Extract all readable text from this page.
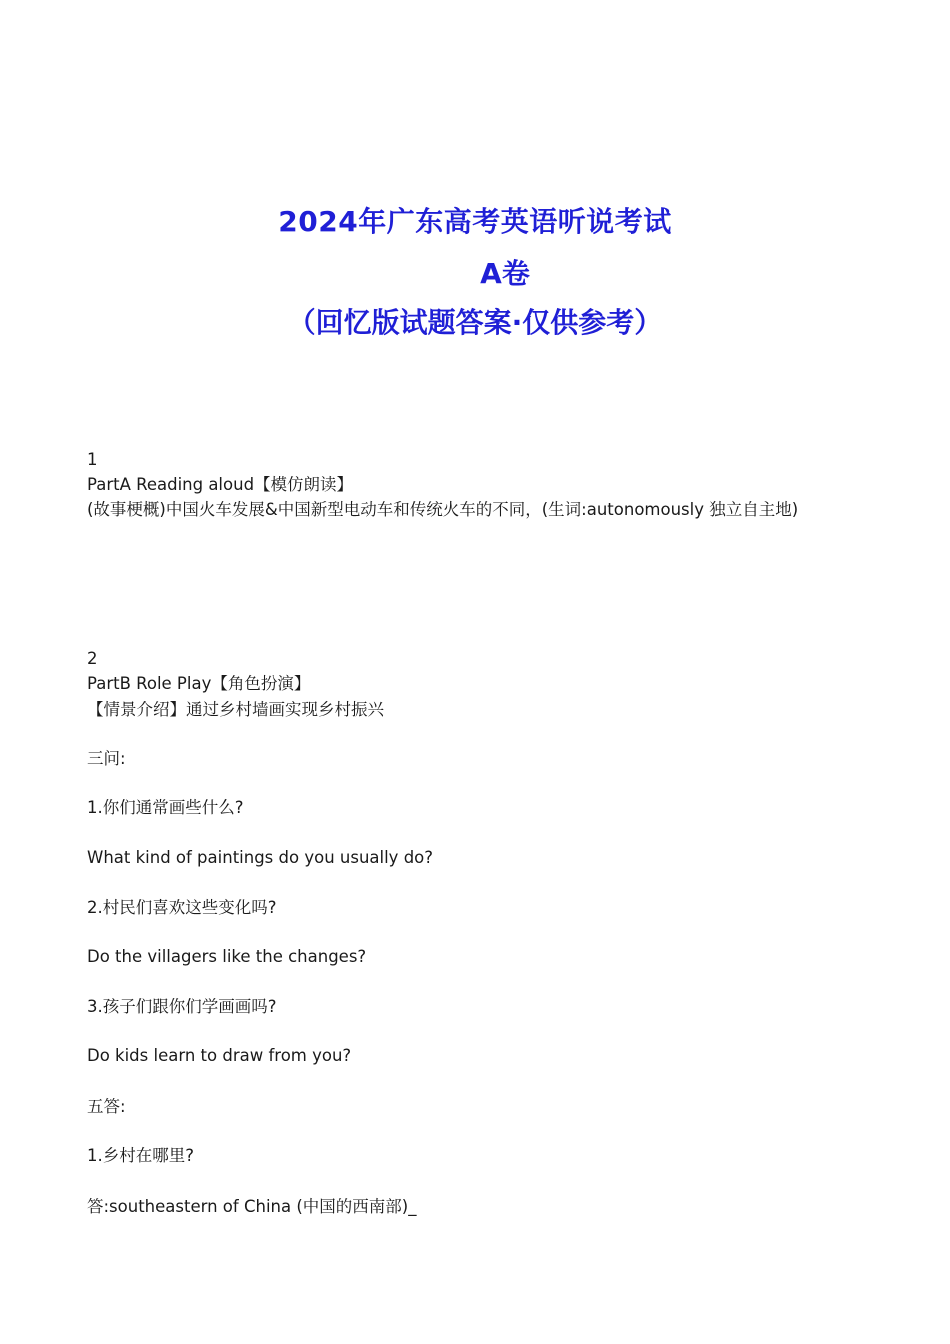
2024年广东高考英语听说考试
A卷
（回忆版试题答案·仅供参考）
1
PartA Reading aloud【模仿朗读】
(故事梗概)中国火车发展&中国新型电动车和传统火车的不同，(生词:autonomously 独立自主地)
2
PartB Role Play【角色扮演】
【情景介绍】通过乡村墙画实现乡村振兴
三问:
1.你们通常画些什么?
What kind of paintings do you usually do?
2.村民们喜欢这些变化吗?
Do the villagers like the changes?
3.孩子们跟你们学画画吗?
Do kids learn to draw from you?
五答:
1.乡村在哪里?
答:southeastern of China (中国的西南部)_
